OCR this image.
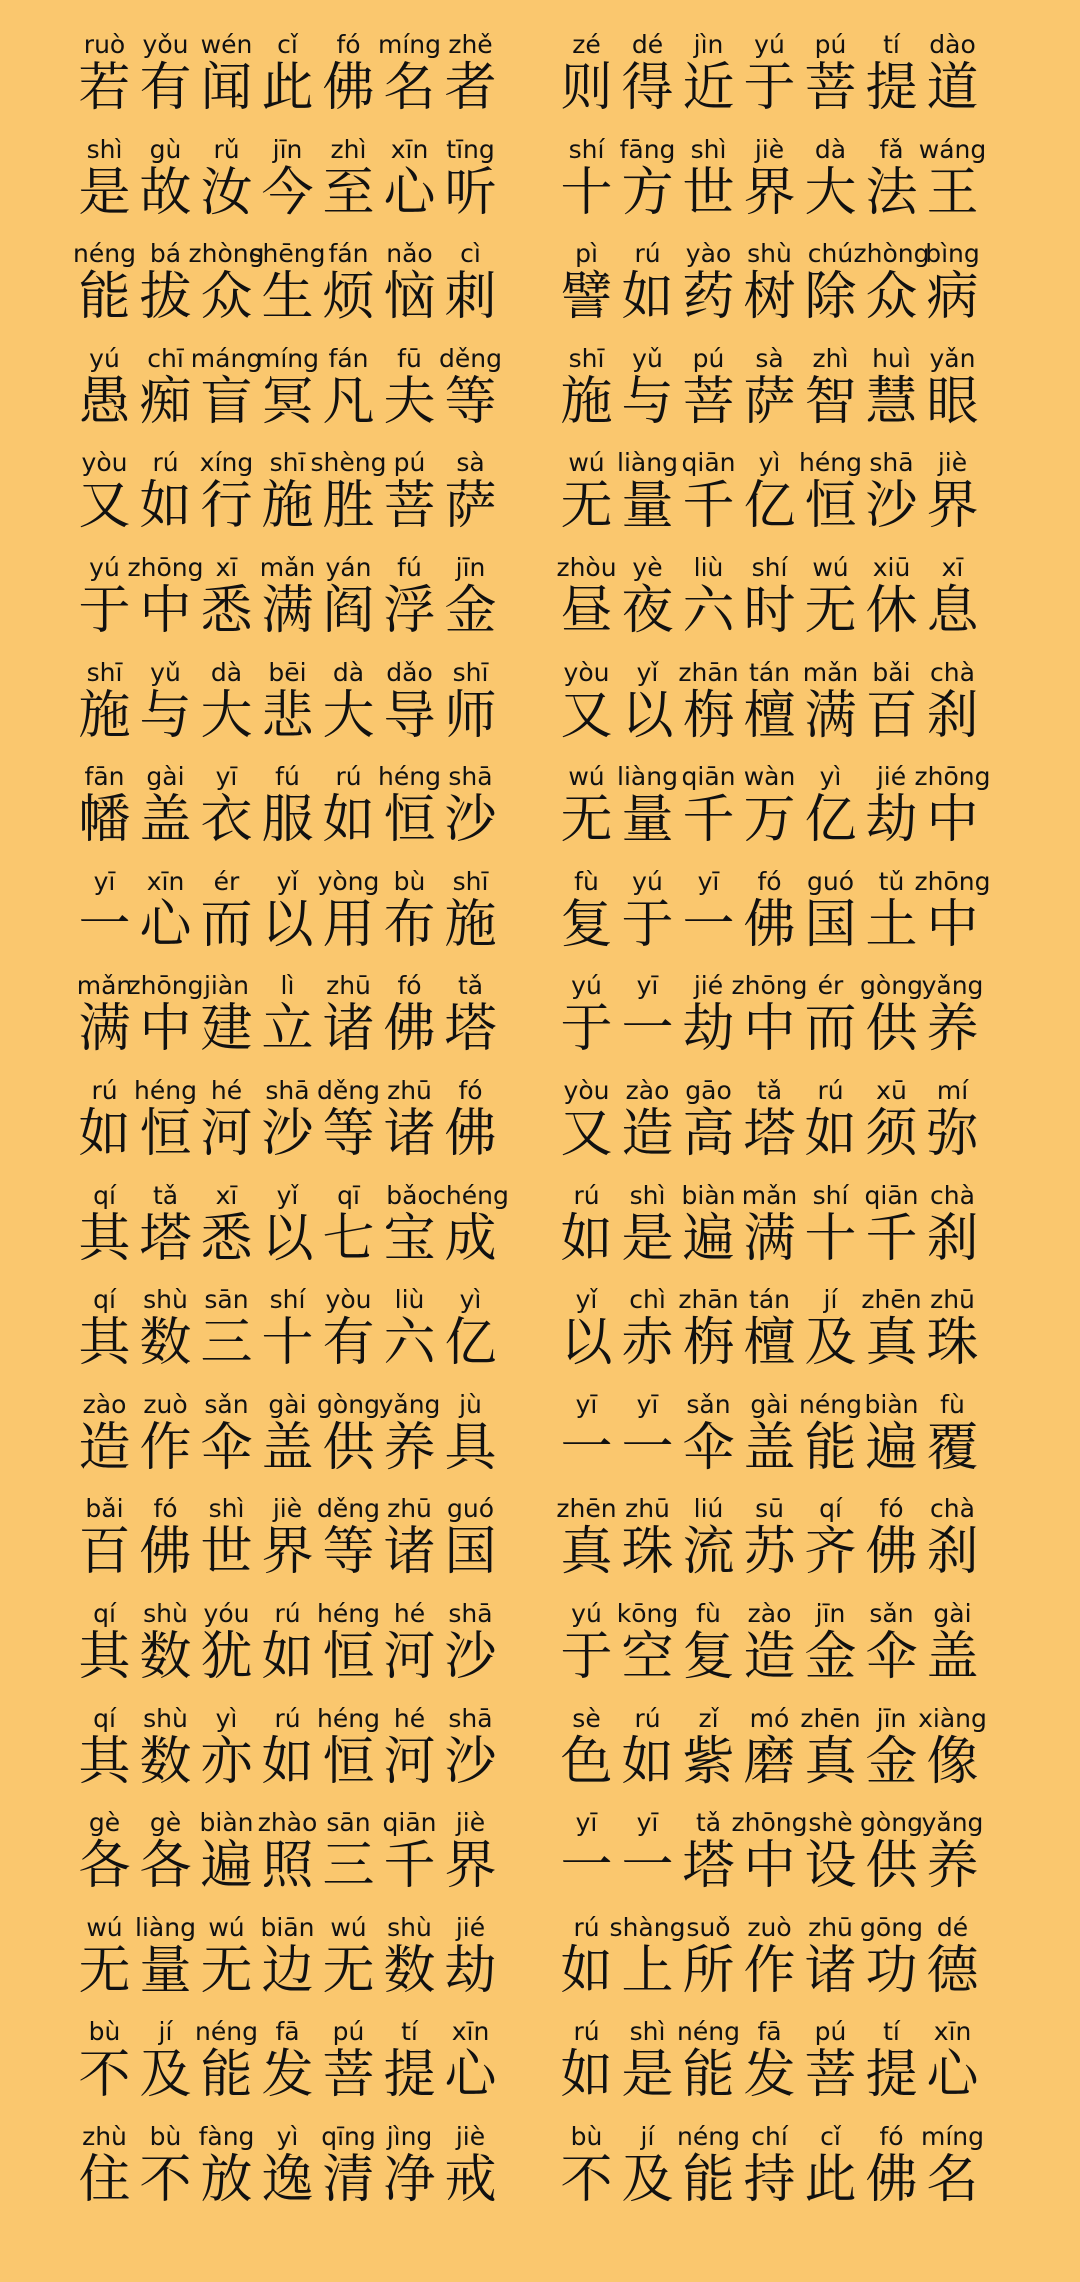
ruò
若
yǒu
有
wén
闻
cǐ
此
fó
佛
míng
名
zhě
者
zé
则
dé
得
jìn
近
yú
于
pú
菩
tí
提
dào
道
shì
是
gù
故
rǔ
汝
jīn
今
zhì
至
xīn
心
tīng
听
shí
十
fāng
方
shì
世
jiè
界
dà
大
fǎ
法
wáng
王
néng
能
bá
拔
zhòng
众
shēng
生
fán
烦
nǎo
恼
cì
刺
pì
譬
rú
如
yào
药
shù
树
chú
除
zhòng
众
bìng
病
yú
愚
chī
痴
máng
盲
míng
冥
fán
凡
fū
夫
děng
等
shī
施
yǔ
与
pú
菩
sà
萨
zhì
智
huì
慧
yǎn
眼
yòu
又
rú
如
xíng
行
shī
施
shèng
胜
pú
菩
sà
萨
wú
无
liàng
量
qiān
千
yì
亿
héng
恒
shā
沙
jiè
界
yú
于
zhōng
中
xī
悉
mǎn
满
yán
阎
fú
浮
jīn
金
zhòu
昼
yè
夜
liù
六
shí
时
wú
无
xiū
休
xī
息
shī
施
yǔ
与
dà
大
bēi
悲
dà
大
dǎo
导
shī
师
yòu
又
yǐ
以
zhān
栴
tán
檀
mǎn
满
bǎi
百
chà
刹
fān
幡
gài
盖
yī
衣
fú
服
rú
如
héng
恒
shā
沙
wú
无
liàng
量
qiān
千
wàn
万
yì
亿
jié
劫
zhōng
中
yī
一
xīn
心
ér
而
yǐ
以
yòng
用
bù
布
shī
施
fù
复
yú
于
yī
一
fó
佛
guó
国
tǔ
土
zhōng
中
mǎn
满
zhōng
中
jiàn
建
lì
立
zhū
诸
fó
佛
tǎ
塔
yú
于
yī
一
jié
劫
zhōng
中
ér
而
gòng
供
yǎng
养
rú
如
héng
恒
hé
河
shā
沙
děng
等
zhū
诸
fó
佛
yòu
又
zào
造
gāo
高
tǎ
塔
rú
如
xū
须
mí
弥
qí
其
tǎ
塔
xī
悉
yǐ
以
qī
七
bǎo
宝
chéng
成
rú
如
shì
是
biàn
遍
mǎn
满
shí
十
qiān
千
chà
刹
qí
其
shù
数
sān
三
shí
十
yòu
有
liù
六
yì
亿
yǐ
以
chì
赤
zhān
栴
tán
檀
jí
及
zhēn
真
zhū
珠
zào
造
zuò
作
sǎn
伞
gài
盖
gòng
供
yǎng
养
jù
具
yī
一
yī
一
sǎn
伞
gài
盖
néng
能
biàn
遍
fù
覆
bǎi
百
fó
佛
shì
世
jiè
界
děng
等
zhū
诸
guó
国
zhēn
真
zhū
珠
liú
流
sū
苏
qí
齐
fó
佛
chà
刹
qí
其
shù
数
yóu
犹
rú
如
héng
恒
hé
河
shā
沙
yú
于
kōng
空
fù
复
zào
造
jīn
金
sǎn
伞
gài
盖
qí
其
shù
数
yì
亦
rú
如
héng
恒
hé
河
shā
沙
sè
色
rú
如
zǐ
紫
mó
磨
zhēn
真
jīn
金
xiàng
像
gè
各
gè
各
biàn
遍
zhào
照
sān
三
qiān
千
jiè
界
yī
一
yī
一
tǎ
塔
zhōng
中
shè
设
gòng
供
yǎng
养
wú
无
liàng
量
wú
无
biān
边
wú
无
shù
数
jié
劫
rú
如
shàng
上
suǒ
所
zuò
作
zhū
诸
gōng
功
dé
德
bù
不
jí
及
néng
能
fā
发
pú
菩
tí
提
xīn
心
rú
如
shì
是
néng
能
fā
发
pú
菩
tí
提
xīn
心
zhù
住
bù
不
fàng
放
yì
逸
qīng
清
jìng
净
jiè
戒
bù
不
jí
及
néng
能
chí
持
cǐ
此
fó
佛
míng
名
